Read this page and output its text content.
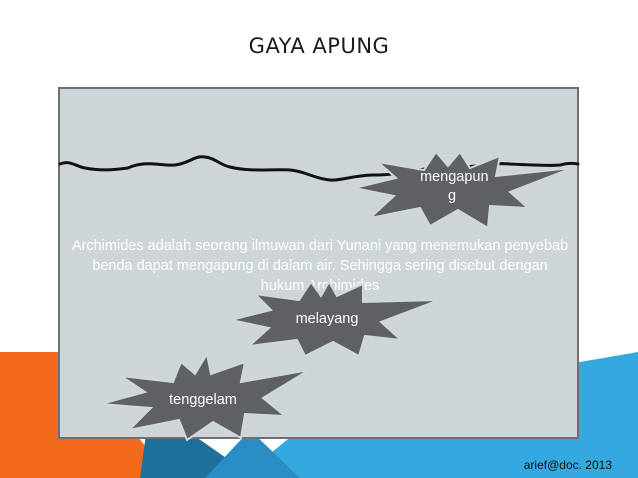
GAYA APUNG
Archimides adalah seorang ilmuwan dari Yunani yang menemukan penyebab benda dapat mengapung di dalam air. Sehingga sering disebut dengan hukum Archimides
mengapun g
melayang
tenggelam
arief@doc. 2013
